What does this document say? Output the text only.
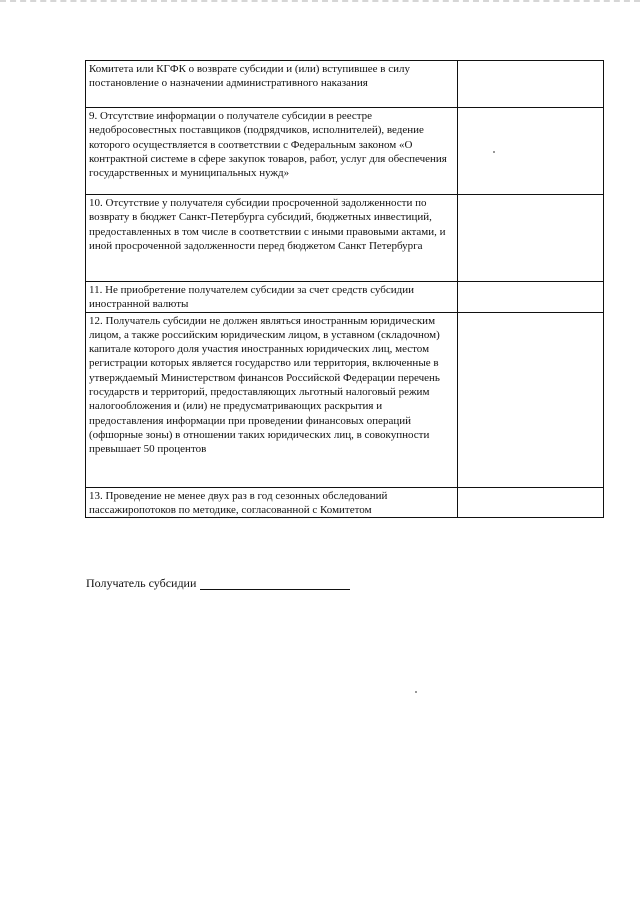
Комитета или КГФК о возврате субсидии и (или) вступившее в силу постановление о назначении административного наказания	
9. Отсутствие информации о получателе субсидии в реестре недобросовестных поставщиков (подрядчиков, исполнителей), ведение которого осуществляется в соответствии с Федеральным законом «О контрактной системе в сфере закупок товаров, работ, услуг для обеспечения государственных и муниципальных нужд»	
10. Отсутствие у получателя субсидии просроченной задолженности по возврату в бюджет Санкт-Петербурга субсидий, бюджетных инвестиций, предоставленных в том числе в соответствии с иными правовыми актами, и иной просроченной задолженности перед бюджетом Санкт Петербурга	
11. Не приобретение получателем субсидии за счет средств субсидии иностранной валюты	
12. Получатель субсидии не должен являться иностранным юридическим лицом, а также российским юридическим лицом, в уставном (складочном) капитале которого доля участия иностранных юридических лиц, местом регистрации которых является государство или территория, включенные в утверждаемый Министерством финансов Российской Федерации перечень государств и территорий, предоставляющих льготный налоговый режим налогообложения и (или) не предусматривающих раскрытия и предоставления информации при проведении финансовых операций (офшорные зоны) в отношении таких юридических лиц, в совокупности превышает 50 процентов	
13. Проведение не менее двух раз в год сезонных обследований пассажиропотоков по методике, согласованной с Комитетом	
Получатель субсидии
